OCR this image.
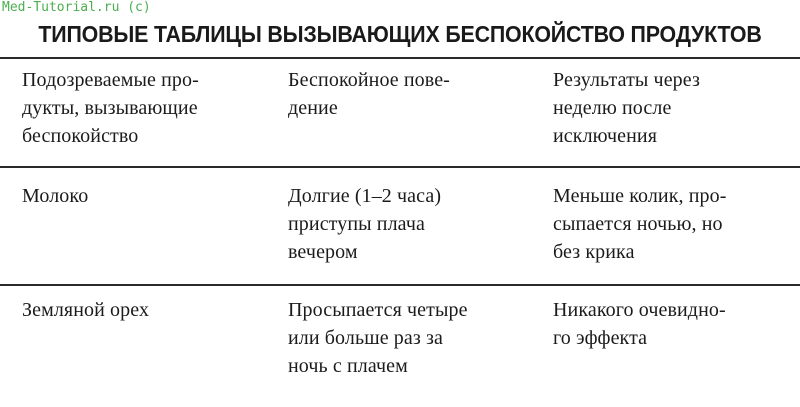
Med-Tutorial.ru (c)
ТИПОВЫЕ ТАБЛИЦЫ ВЫЗЫВАЮЩИХ БЕСПОКОЙСТВО ПРОДУКТОВ
Подозреваемые про-
дукты, вызывающие
беспокойство
Беспокойное пове-
дение
Результаты через
неделю после
исключения
Молоко	Долгие (1–2 часа)
приступы плача
вечером
Меньше колик, про-
сыпается ночью, но
без крика
Земляной орех	Просыпается четыре
или больше раз за
ночь с плачем
Никакого очевидно-
го эффекта
